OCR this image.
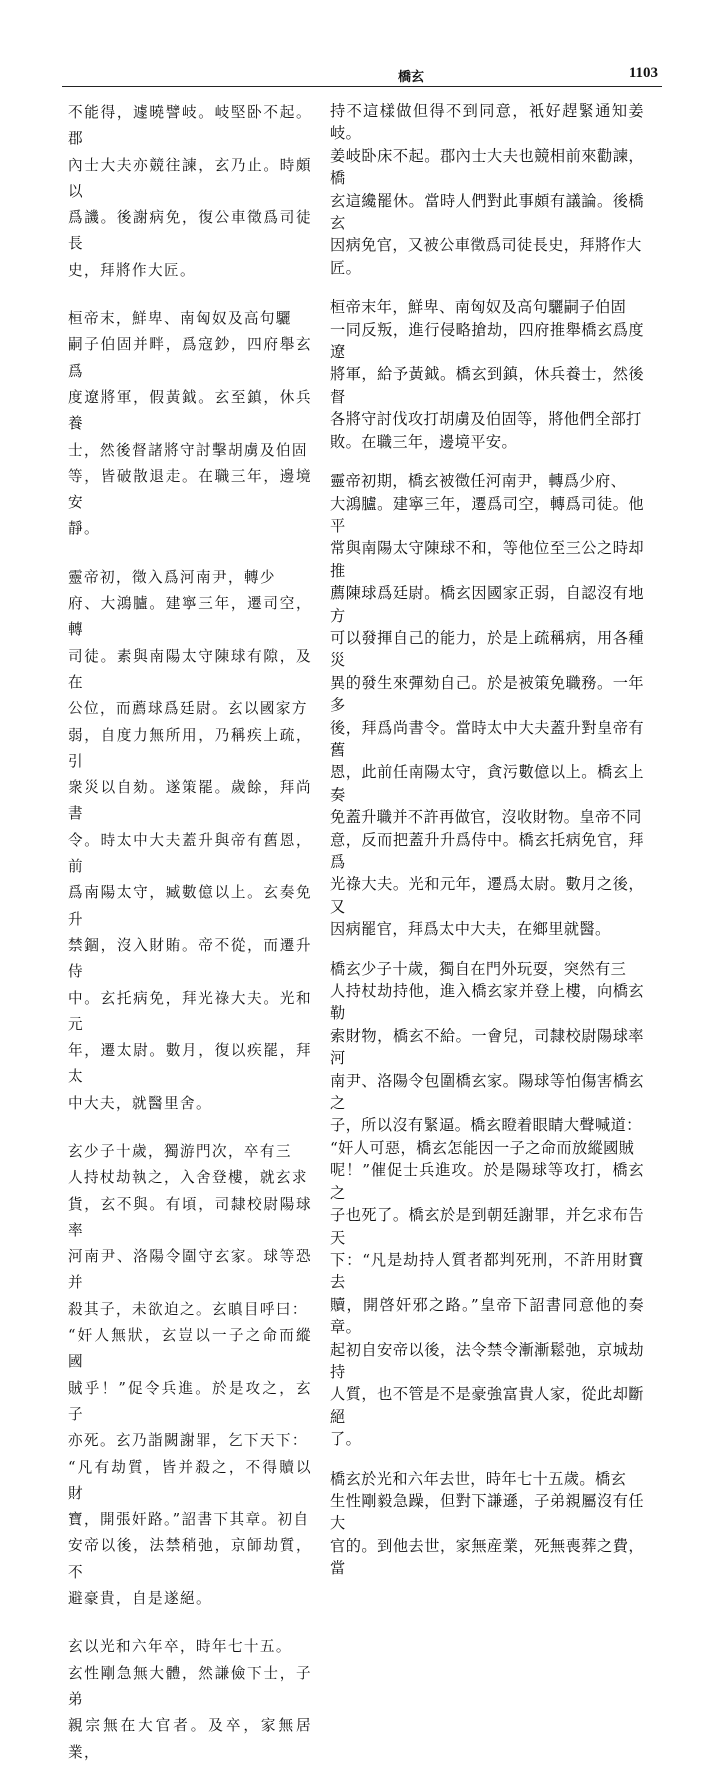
橋玄	1103

不能得，遽曉譬岐。岐堅卧不起。郡
內士大夫亦競往諫，玄乃止。時頗以
爲譏。後謝病免，復公車徵爲司徒長
史，拜將作大匠。

桓帝末，鮮卑、南匈奴及高句驪
嗣子伯固并畔，爲寇鈔，四府舉玄爲
度遼將軍，假黃鉞。玄至鎮，休兵養
士，然後督諸將守討擊胡虜及伯固
等，皆破散退走。在職三年，邊境安
靜。

靈帝初，徵入爲河南尹，轉少
府、大鴻臚。建寧三年，遷司空，轉
司徒。素與南陽太守陳球有隙，及在
公位，而薦球爲廷尉。玄以國家方
弱，自度力無所用，乃稱疾上疏，引
衆災以自劾。遂策罷。歲餘，拜尚書
令。時太中大夫蓋升與帝有舊恩，前
爲南陽太守，臧數億以上。玄奏免升
禁錮，沒入財賄。帝不從，而遷升侍
中。玄托病免，拜光祿大夫。光和元
年，遷太尉。數月，復以疾罷，拜太
中大夫，就醫里舍。

玄少子十歲，獨游門次，卒有三
人持杖劫執之，入舍登樓，就玄求
貨，玄不與。有頃，司隸校尉陽球率
河南尹、洛陽令圍守玄家。球等恐并
殺其子，未欲迫之。玄瞋目呼曰：
“奸人無狀，玄豈以一子之命而縱國
賊乎！”促令兵進。於是攻之，玄子
亦死。玄乃詣闕謝罪，乞下天下：
“凡有劫質，皆并殺之，不得贖以財
寶，開張奸路。”詔書下其章。初自
安帝以後，法禁稍弛，京師劫質，不
避豪貴，自是遂絕。

玄以光和六年卒，時年七十五。
玄性剛急無大體，然謙儉下士，子弟
親宗無在大官者。及卒，家無居業，

持不這樣做但得不到同意，衹好趕緊通知姜岐。
姜岐卧床不起。郡內士大夫也競相前來勸諫，橋
玄這纔罷休。當時人們對此事頗有議論。後橋玄
因病免官，又被公車徵爲司徒長史，拜將作大
匠。

桓帝末年，鮮卑、南匈奴及高句驪嗣子伯固
一同反叛，進行侵略搶劫，四府推舉橋玄爲度遼
將軍，給予黃鉞。橋玄到鎮，休兵養士，然後督
各將守討伐攻打胡虜及伯固等，將他們全部打
敗。在職三年，邊境平安。

靈帝初期，橋玄被徵任河南尹，轉爲少府、
大鴻臚。建寧三年，遷爲司空，轉爲司徒。他平
常與南陽太守陳球不和，等他位至三公之時却推
薦陳球爲廷尉。橋玄因國家正弱，自認沒有地方
可以發揮自己的能力，於是上疏稱病，用各種災
異的發生來彈劾自己。於是被策免職務。一年多
後，拜爲尚書令。當時太中大夫蓋升對皇帝有舊
恩，此前任南陽太守，貪污數億以上。橋玄上奏
免蓋升職并不許再做官，沒收財物。皇帝不同
意，反而把蓋升升爲侍中。橋玄托病免官，拜爲
光祿大夫。光和元年，遷爲太尉。數月之後，又
因病罷官，拜爲太中大夫，在鄉里就醫。

橋玄少子十歲，獨自在門外玩耍，突然有三
人持杖劫持他，進入橋玄家并登上樓，向橋玄勒
索財物，橋玄不給。一會兒，司隸校尉陽球率河
南尹、洛陽令包圍橋玄家。陽球等怕傷害橋玄之
子，所以沒有緊逼。橋玄瞪着眼睛大聲喊道：
“奸人可惡，橋玄怎能因一子之命而放縱國賊
呢！”催促士兵進攻。於是陽球等攻打，橋玄之
子也死了。橋玄於是到朝廷謝罪，并乞求布告天
下：“凡是劫持人質者都判死刑，不許用財寶去
贖，開啓奸邪之路。”皇帝下詔書同意他的奏章。
起初自安帝以後，法令禁令漸漸鬆弛，京城劫持
人質，也不管是不是豪強富貴人家，從此却斷絕
了。

橋玄於光和六年去世，時年七十五歲。橋玄
生性剛毅急躁，但對下謙遜，子弟親屬沒有任大
官的。到他去世，家無産業，死無喪葬之費，當
